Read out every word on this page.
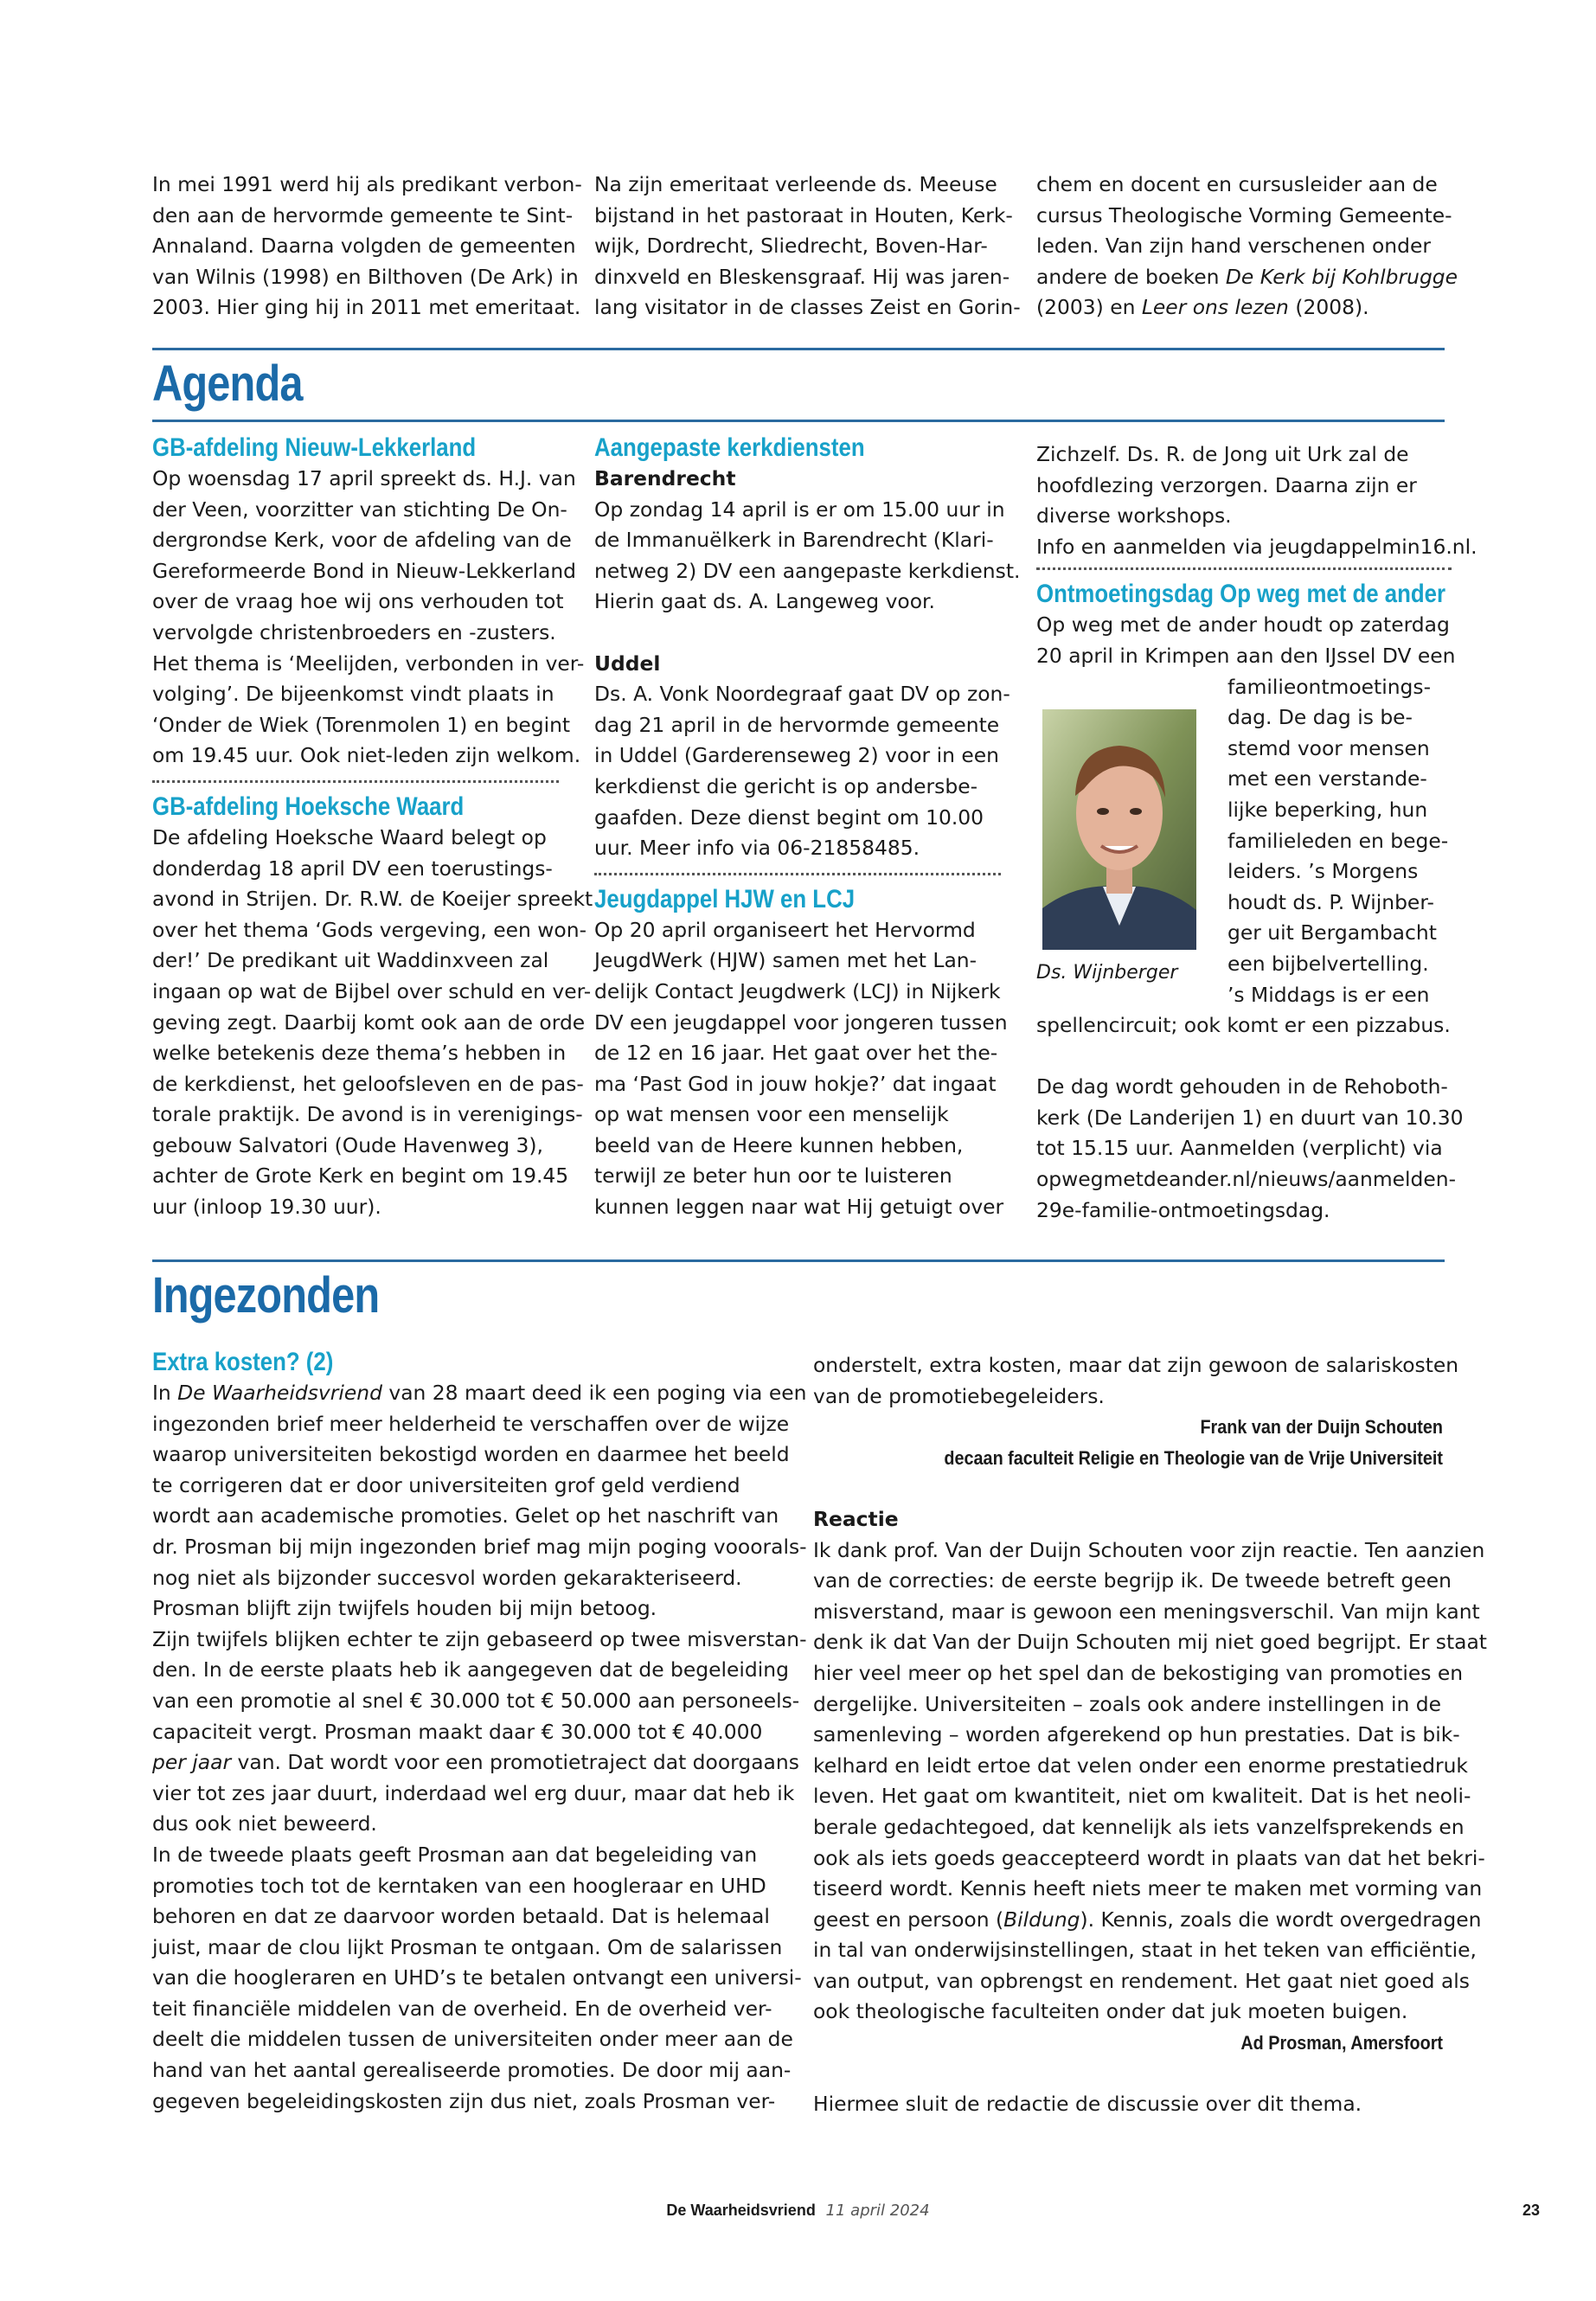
In mei 1991 werd hij als predikant verbon-

den aan de hervormde gemeente te Sint-

Annaland. Daarna volgden de gemeenten

van Wilnis (1998) en Bilthoven (De Ark) in

2003. Hier ging hij in 2011 met emeritaat.

Na zijn emeritaat verleende ds. Meeuse

bijstand in het pastoraat in Houten, Kerk-

wijk, Dordrecht, Sliedrecht, Boven-Har-

dinxveld en Bleskensgraaf. Hij was jaren-

lang visitator in de classes Zeist en Gorin-

chem en docent en cursusleider aan de

cursus Theologische Vorming Gemeente-

leden. Van zijn hand verschenen onder

andere de boeken De Kerk bij Kohlbrugge

(2003) en Leer ons lezen (2008).

Agenda
GB-afdeling Nieuw-Lekkerland

Op woensdag 17 april spreekt ds. H.J. van

der Veen, voorzitter van stichting De On-

dergrondse Kerk, voor de afdeling van de

Gereformeerde Bond in Nieuw-Lekkerland

over de vraag hoe wij ons verhouden tot

vervolgde christenbroeders en -zusters.

Het thema is ‘Meelijden, verbonden in ver-

volging’. De bijeenkomst vindt plaats in

‘Onder de Wiek (Torenmolen 1) en begint

om 19.45 uur. Ook niet-leden zijn welkom.

GB-afdeling Hoeksche Waard

De afdeling Hoeksche Waard belegt op

donderdag 18 april DV een toerustings-

avond in Strijen. Dr. R.W. de Koeijer spreekt

over het thema ‘Gods vergeving, een won-

der!’ De predikant uit Waddinxveen zal

ingaan op wat de Bijbel over schuld en ver-

geving zegt. Daarbij komt ook aan de orde

welke betekenis deze thema’s hebben in

de kerkdienst, het geloofsleven en de pas-

torale praktijk. De avond is in verenigings-

gebouw Salvatori (Oude Havenweg 3),

achter de Grote Kerk en begint om 19.45

uur (inloop 19.30 uur).

Aangepaste kerkdiensten

Barendrecht

Op zondag 14 april is er om 15.00 uur in

de Immanuëlkerk in Barendrecht (Klari-

netweg 2) DV een aangepaste kerkdienst.

Hierin gaat ds. A. Langeweg voor.

Uddel

Ds. A. Vonk Noordegraaf gaat DV op zon-

dag 21 april in de hervormde gemeente

in Uddel (Garderenseweg 2) voor in een

kerkdienst die gericht is op andersbe-

gaafden. Deze dienst begint om 10.00

uur. Meer info via 06-21858485.

Jeugdappel HJW en LCJ

Op 20 april organiseert het Hervormd

JeugdWerk (HJW) samen met het Lan-

delijk Contact Jeugdwerk (LCJ) in Nijkerk

DV een jeugdappel voor jongeren tussen

de 12 en 16 jaar. Het gaat over het the-

ma ‘Past God in jouw hokje?’ dat ingaat

op wat mensen voor een menselijk

beeld van de Heere kunnen hebben,

terwijl ze beter hun oor te luisteren

kunnen leggen naar wat Hij getuigt over

Zichzelf. Ds. R. de Jong uit Urk zal de

hoofdlezing verzorgen. Daarna zijn er

diverse workshops.

Info en aanmelden via jeugdappelmin16.nl.

Ontmoetingsdag Op weg met de ander

Op weg met de ander houdt op zaterdag

20 april in Krimpen aan den IJssel DV een

familieontmoetings-

dag. De dag is be-

stemd voor mensen

met een verstande-

lijke beperking, hun

familieleden en bege-

leiders. ’s Morgens

houdt ds. P. Wijnber-

ger uit Bergambacht

een bijbelvertelling.

’s Middags is er een

spellencircuit; ook komt er een pizzabus.

De dag wordt gehouden in de Rehoboth-

kerk (De Landerijen 1) en duurt van 10.30

tot 15.15 uur. Aanmelden (verplicht) via

opwegmetdeander.nl/nieuws/aanmelden-

29e-familie-ontmoetingsdag.

Ds. Wijnberger

Ingezonden
Extra kosten? (2)

In De Waarheidsvriend van 28 maart deed ik een poging via een

ingezonden brief meer helderheid te verschaffen over de wijze

waarop universiteiten bekostigd worden en daarmee het beeld

te corrigeren dat er door universiteiten grof geld verdiend

wordt aan academische promoties. Gelet op het naschrift van

dr. Prosman bij mijn ingezonden brief mag mijn poging vooorals-

nog niet als bijzonder succesvol worden gekarakteriseerd.

Prosman blijft zijn twijfels houden bij mijn betoog.

Zijn twijfels blijken echter te zijn gebaseerd op twee misverstan-

den. In de eerste plaats heb ik aangegeven dat de begeleiding

van een promotie al snel € 30.000 tot € 50.000 aan personeels-

capaciteit vergt. Prosman maakt daar € 30.000 tot € 40.000

per jaar van. Dat wordt voor een promotietraject dat doorgaans

vier tot zes jaar duurt, inderdaad wel erg duur, maar dat heb ik

dus ook niet beweerd.

In de tweede plaats geeft Prosman aan dat begeleiding van

promoties toch tot de kerntaken van een hoogleraar en UHD

behoren en dat ze daarvoor worden betaald. Dat is helemaal

juist, maar de clou lijkt Prosman te ontgaan. Om de salarissen

van die hoogleraren en UHD’s te betalen ontvangt een universi-

teit financiële middelen van de overheid. En de overheid ver-

deelt die middelen tussen de universiteiten onder meer aan de

hand van het aantal gerealiseerde promoties. De door mij aan-

gegeven begeleidingskosten zijn dus niet, zoals Prosman ver-

onderstelt, extra kosten, maar dat zijn gewoon de salariskosten

van de promotiebegeleiders.

Frank van der Duijn Schouten
decaan faculteit Religie en Theologie van de Vrije Universiteit

Reactie

Ik dank prof. Van der Duijn Schouten voor zijn reactie. Ten aanzien

van de correcties: de eerste begrijp ik. De tweede betreft geen

misverstand, maar is gewoon een meningsverschil. Van mijn kant

denk ik dat Van der Duijn Schouten mij niet goed begrijpt. Er staat

hier veel meer op het spel dan de bekostiging van promoties en

dergelijke. Universiteiten – zoals ook andere instellingen in de

samenleving – worden afgerekend op hun prestaties. Dat is bik-

kelhard en leidt ertoe dat velen onder een enorme prestatiedruk

leven. Het gaat om kwantiteit, niet om kwaliteit. Dat is het neoli-

berale gedachtegoed, dat kennelijk als iets vanzelfsprekends en

ook als iets goeds geaccepteerd wordt in plaats van dat het bekri-

tiseerd wordt. Kennis heeft niets meer te maken met vorming van

geest en persoon (Bildung). Kennis, zoals die wordt overgedragen

in tal van onderwijsinstellingen, staat in het teken van efficiëntie,

van output, van opbrengst en rendement. Het gaat niet goed als

ook theologische faculteiten onder dat juk moeten buigen.

Ad Prosman, Amersfoort

Hiermee sluit de redactie de discussie over dit thema.

De Waarheidsvriend 11 april 2024	23
